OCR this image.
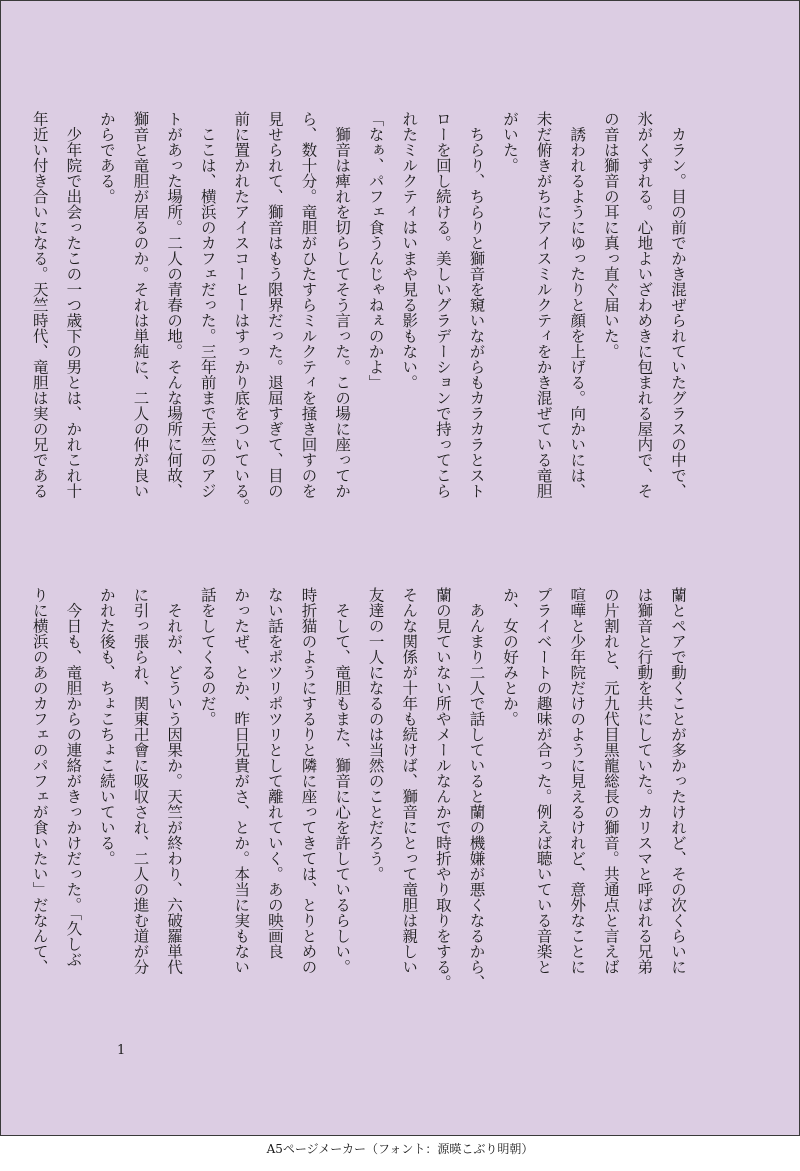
　カラン。目の前でかき混ぜられていたグラスの中で、

氷がくずれる。心地よいざわめきに包まれる屋内で、そ

の音は獅音の耳に真っ直ぐ届いた。

　誘われるようにゆったりと顔を上げる。向かいには、

未だ俯きがちにアイスミルクティをかき混ぜている竜胆

がいた。

　ちらり、ちらりと獅音を窺いながらもカラカラとスト

ローを回し続ける。美しいグラデーションで持ってこら

れたミルクティはいまや見る影もない。

「なぁ、パフェ食うんじゃねぇのかよ」

　獅音は痺れを切らしてそう言った。この場に座ってか

ら、数十分。竜胆がひたすらミルクティを掻き回すのを

見せられて、獅音はもう限界だった。退屈すぎて、目の

前に置かれたアイスコーヒーはすっかり底をついている。

　ここは、横浜のカフェだった。三年前まで天竺のアジ

トがあった場所。二人の青春の地。そんな場所に何故、

獅音と竜胆が居るのか。それは単純に、二人の仲が良い

からである。

　少年院で出会ったこの一つ歳下の男とは、かれこれ十

年近い付き合いになる。天竺時代、竜胆は実の兄である

蘭とペアで動くことが多かったけれど、その次くらいに

は獅音と行動を共にしていた。カリスマと呼ばれる兄弟

の片割れと、元九代目黒龍総長の獅音。共通点と言えば

喧嘩と少年院だけのように見えるけれど、意外なことに

プライベートの趣味が合った。例えば聴いている音楽と

か、女の好みとか。

　あんまり二人で話していると蘭の機嫌が悪くなるから、

蘭の見ていない所やメールなんかで時折やり取りをする。

そんな関係が十年も続けば、獅音にとって竜胆は親しい

友達の一人になるのは当然のことだろう。

　そして、竜胆もまた、獅音に心を許しているらしい。

時折猫のようにするりと隣に座ってきては、とりとめの

ない話をポツリポツリとして離れていく。あの映画良

かったぜ、とか、昨日兄貴がさ、とか。本当に実もない

話をしてくるのだ。

　それが、どういう因果か。天竺が終わり、六破羅単代

に引っ張られ、関東卍會に吸収され、二人の進む道が分

かれた後も、ちょこちょこ続いている。

　今日も、竜胆からの連絡がきっかけだった。「久しぶ

りに横浜のあのカフェのパフェが食いたい」だなんて、

1
A5ページメーカー（フォント：源暎こぶり明朝）
